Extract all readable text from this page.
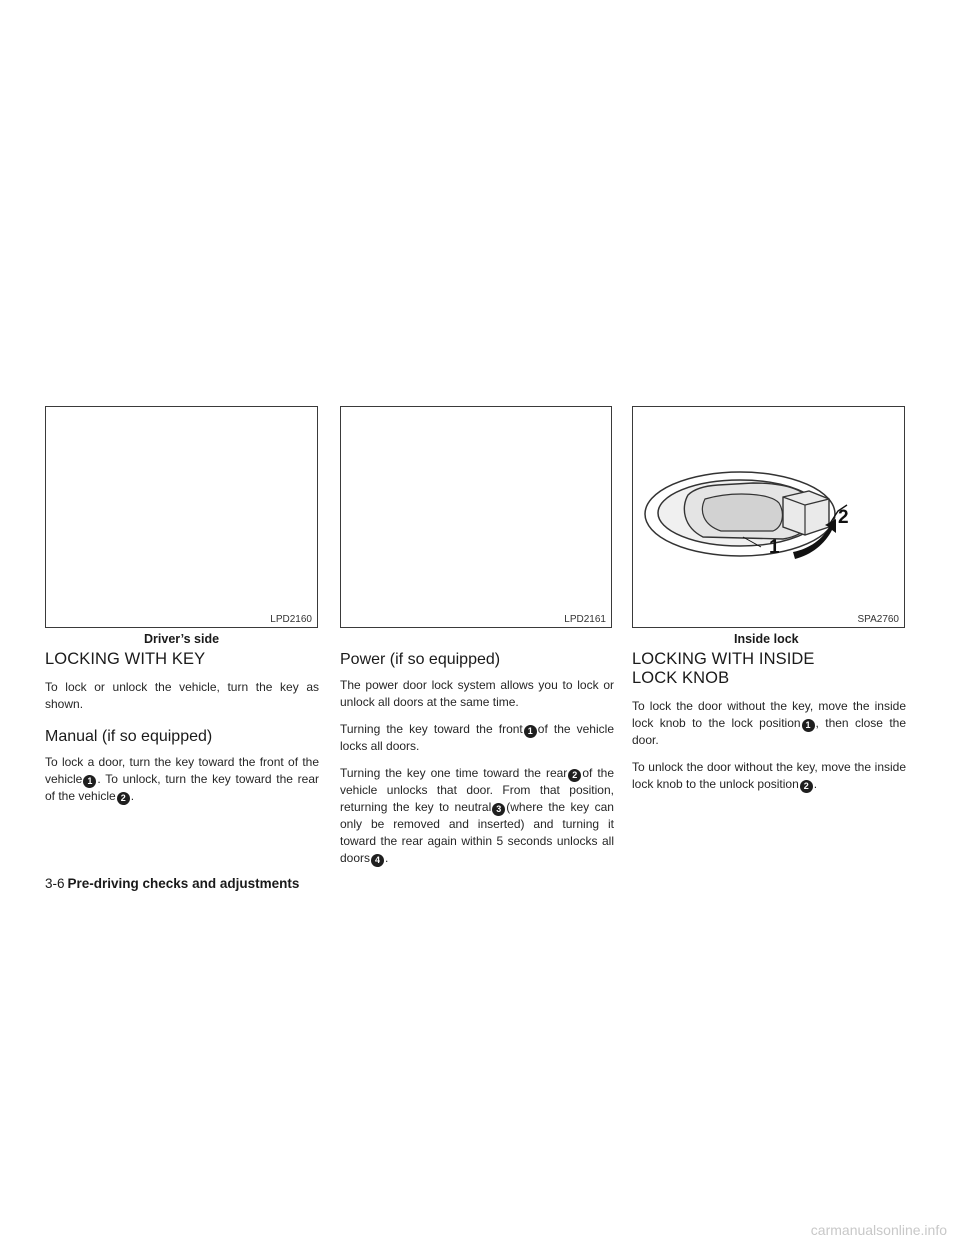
LPD2160
Driver’s side
LPD2161
1
2
SPA2760
Inside lock
LOCKING WITH KEY

To lock or unlock the vehicle, turn the key as shown.

Manual (if so equipped)

To lock a door, turn the key toward the front of the vehicle 1 . To unlock, turn the key toward the rear of the vehicle 2 .

Power (if so equipped)

The power door lock system allows you to lock or unlock all doors at the same time.

Turning the key toward the front 1 of the vehicle locks all doors.

Turning the key one time toward the rear 2 of the vehicle unlocks that door. From that position, returning the key to neutral 3 (where the key can only be removed and inserted) and turning it toward the rear again within 5 seconds unlocks all doors 4 .

LOCKING WITH INSIDE LOCK KNOB

To lock the door without the key, move the inside lock knob to the lock position 1 , then close the door.

To unlock the door without the key, move the inside lock knob to the unlock position 2 .

3-6 Pre-driving checks and adjustments
carmanualsonline.info
